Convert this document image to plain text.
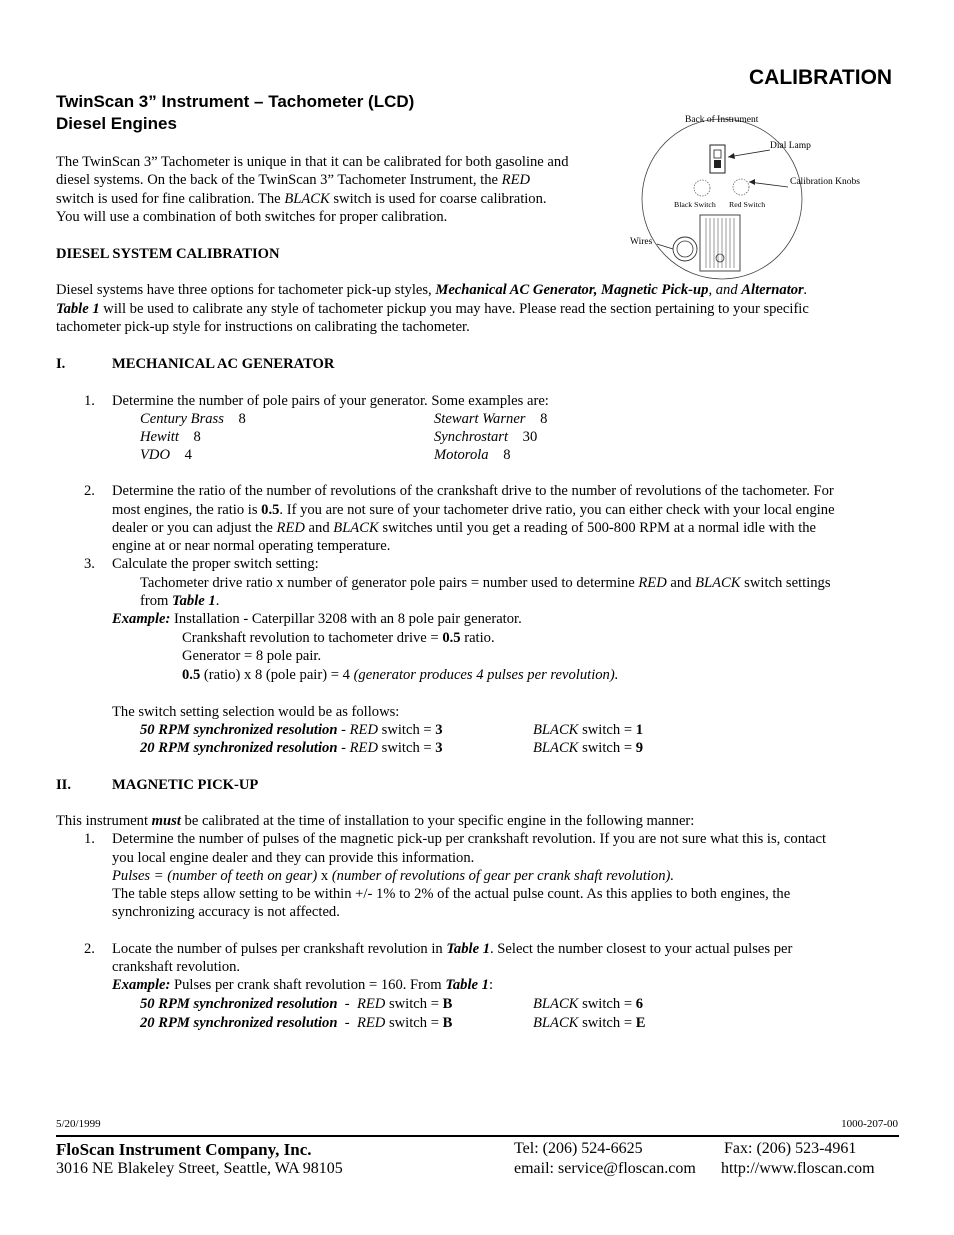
CALIBRATION
TwinScan 3” Instrument – Tachometer (LCD)
Diesel Engines	Back of Instrument
Dial Lamp
Calibration Knobs
Black Switch Red Switch
Wires
The TwinScan 3” Tachometer is unique in that it can be calibrated for both gasoline and
diesel systems. On the back of the TwinScan 3” Tachometer Instrument, the RED
switch is used for fine calibration. The BLACK switch is used for coarse calibration.
You will use a combination of both switches for proper calibration.
DIESEL SYSTEM CALIBRATION
Diesel systems have three options for tachometer pick-up styles, Mechanical AC Generator, Magnetic Pick-up, and Alternator.
Table 1 will be used to calibrate any style of tachometer pickup you may have. Please read the section pertaining to your specific
tachometer pick-up style for instructions on calibrating the tachometer.
I.	MECHANICAL AC GENERATOR
1. Determine the number of pole pairs of your generator. Some examples are:
Century Brass 8	Stewart Warner 8
Hewitt 8	Synchrostart 30
VDO 4	Motorola 8
2. Determine the ratio of the number of revolutions of the crankshaft drive to the number of revolutions of the tachometer. For
most engines, the ratio is 0.5. If you are not sure of your tachometer drive ratio, you can either check with your local engine
dealer or you can adjust the RED and BLACK switches until you get a reading of 500-800 RPM at a normal idle with the
engine at or near normal operating temperature.
3. Calculate the proper switch setting:
Tachometer drive ratio x number of generator pole pairs = number used to determine RED and BLACK switch settings
from Table 1.
Example: Installation - Caterpillar 3208 with an 8 pole pair generator.
Crankshaft revolution to tachometer drive = 0.5 ratio.
Generator = 8 pole pair.
0.5 (ratio) x 8 (pole pair) = 4 (generator produces 4 pulses per revolution).
The switch setting selection would be as follows:
50 RPM synchronized resolution - RED switch = 3	BLACK switch = 1
20 RPM synchronized resolution - RED switch = 3	BLACK switch = 9
II.	MAGNETIC PICK-UP
This instrument must be calibrated at the time of installation to your specific engine in the following manner:
1. Determine the number of pulses of the magnetic pick-up per crankshaft revolution. If you are not sure what this is, contact
you local engine dealer and they can provide this information.
Pulses = (number of teeth on gear) x (number of revolutions of gear per crank shaft revolution).
The table steps allow setting to be within +/- 1% to 2% of the actual pulse count. As this applies to both engines, the
synchronizing accuracy is not affected.
2. Locate the number of pulses per crankshaft revolution in Table 1. Select the number closest to your actual pulses per
crankshaft revolution.
Example: Pulses per crank shaft revolution = 160. From Table 1:
50 RPM synchronized resolution  -  RED switch = B	BLACK switch = 6
20 RPM synchronized resolution  -  RED switch = B	BLACK switch = E
5/20/1999	1000-207-00
FloScan Instrument Company, Inc.
3016 NE Blakeley Street, Seattle, WA 98105
Tel: (206) 524-6625	Fax: (206) 523-4961
email: service@floscan.com http://www.floscan.com
